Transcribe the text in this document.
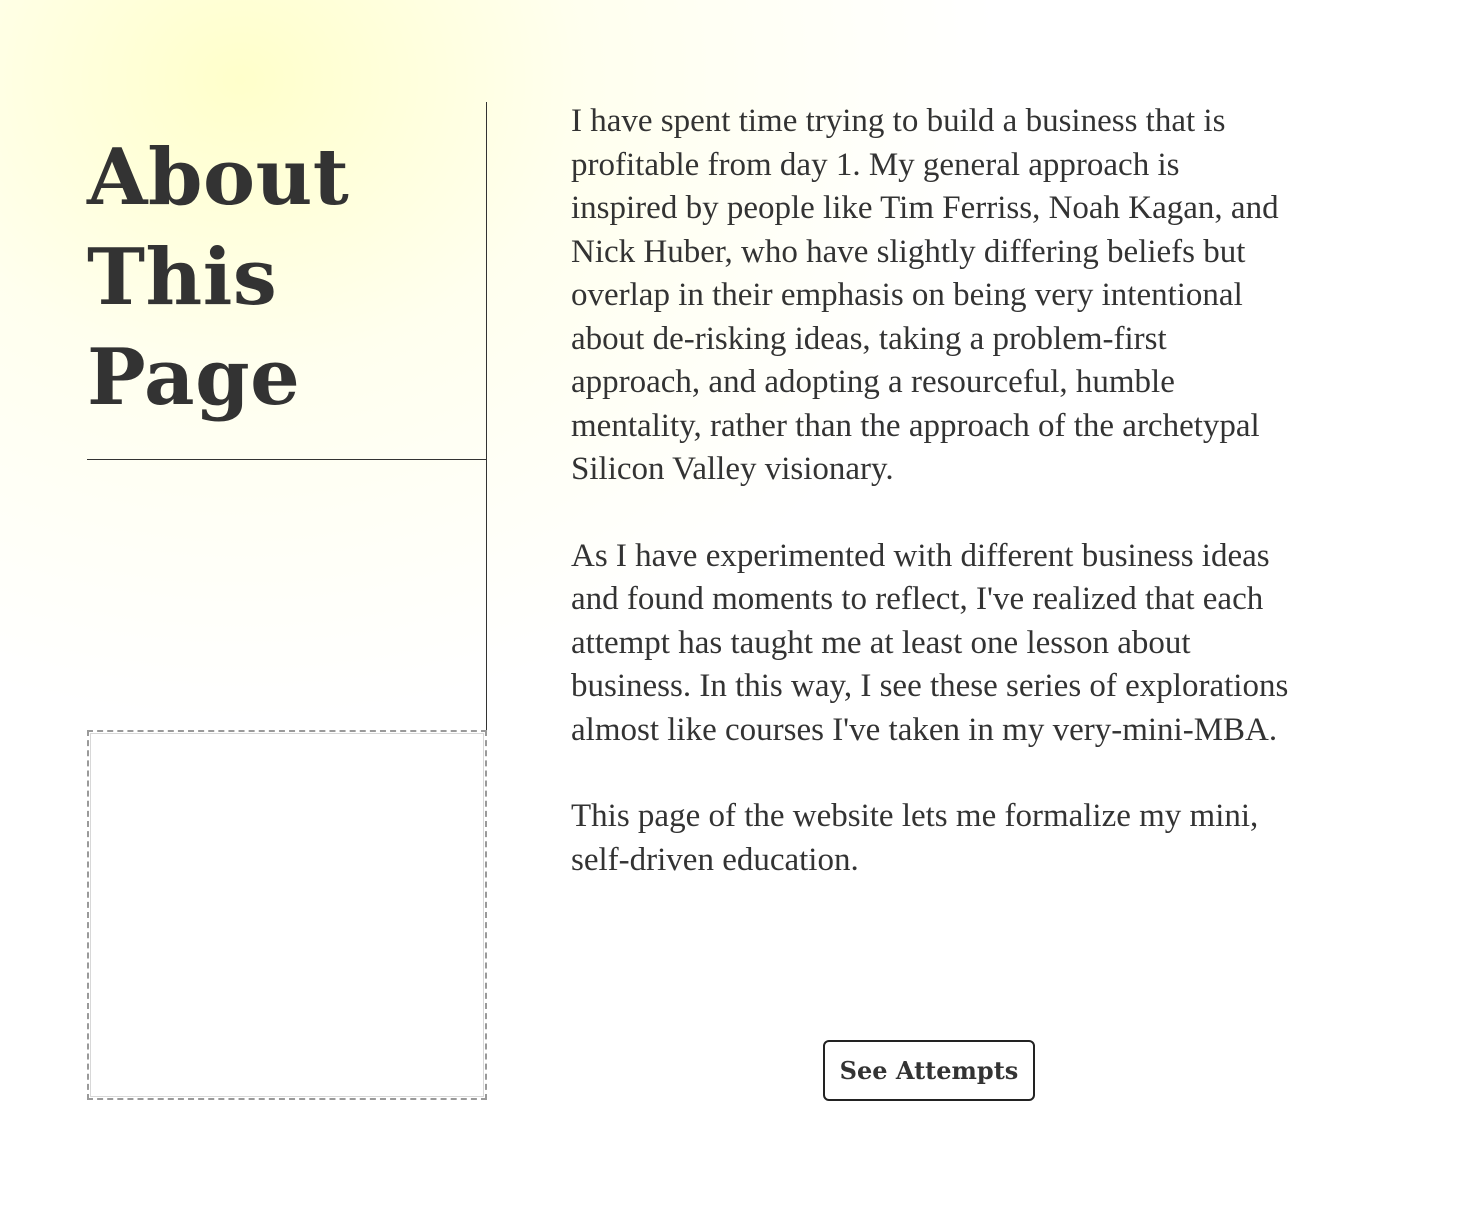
About
This
Page

I have spent time trying to build a business that is profitable from day 1. My general approach is inspired by people like Tim Ferriss, Noah Kagan, and Nick Huber, who have slightly differing beliefs but overlap in their emphasis on being very intentional about de-risking ideas, taking a problem-first approach, and adopting a resourceful, humble mentality, rather than the approach of the archetypal Silicon Valley visionary.

As I have experimented with different business ideas and found moments to reflect, I've realized that each attempt has taught me at least one lesson about business. In this way, I see these series of explorations almost like courses I've taken in my very-mini-MBA.

This page of the website lets me formalize my mini, self-driven education.

See Attempts
